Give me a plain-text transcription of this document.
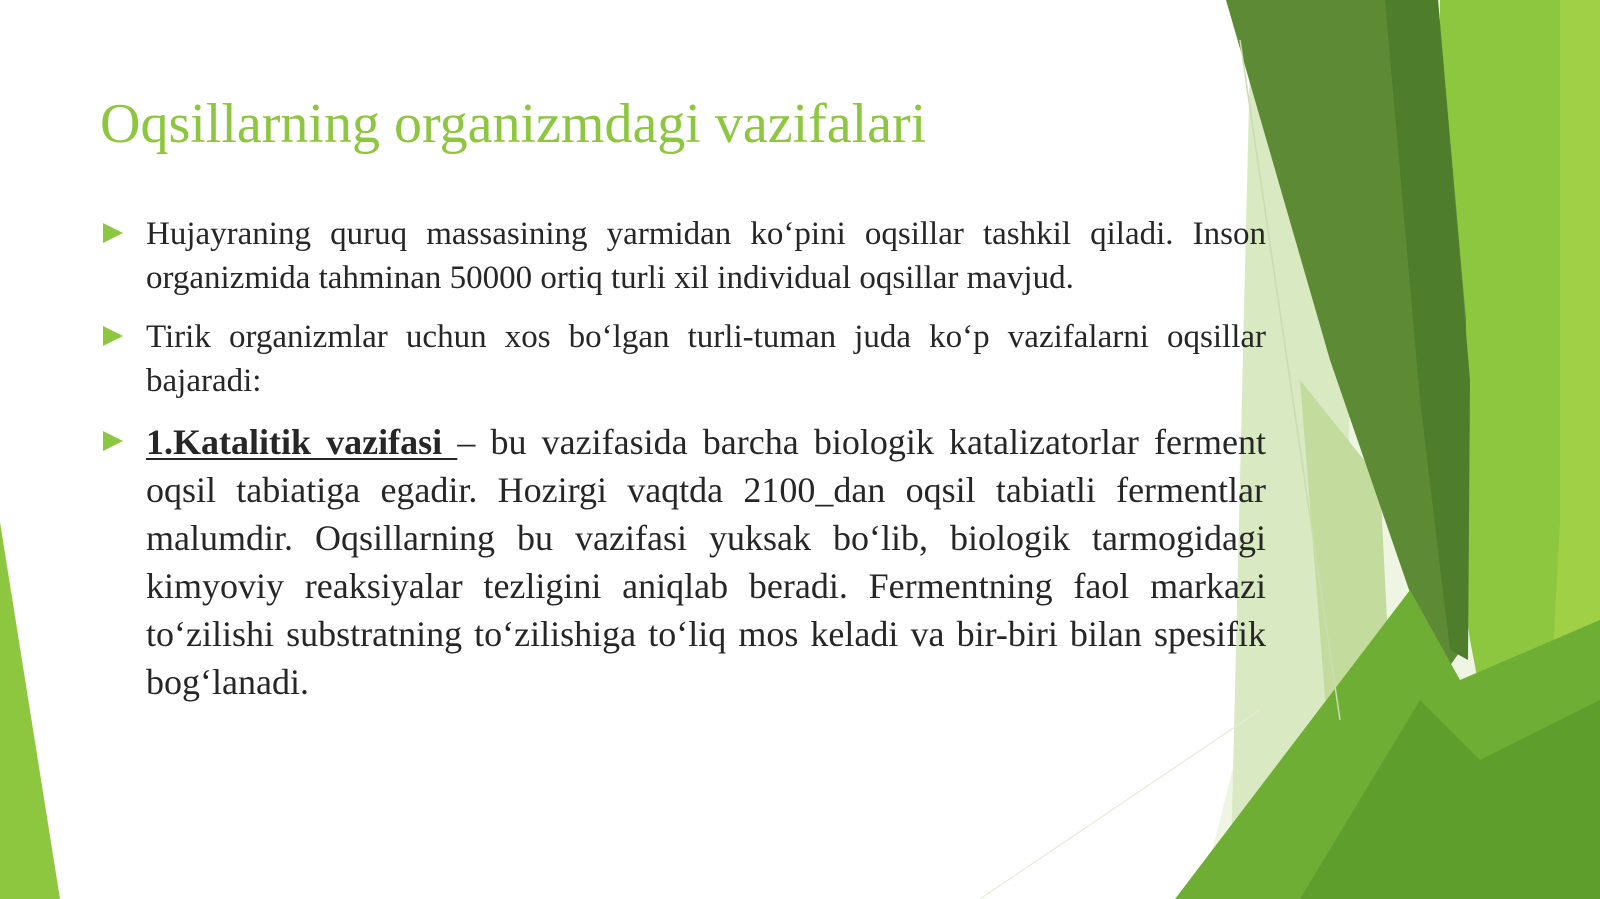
Oqsillarning organizmdagi vazifalari

Hujayraning quruq massasining yarmidan ko‘pini oqsillar tashkil qiladi. Inson organizmida tahminan 50000 ortiq turli xil individual oqsillar mavjud.

Tirik organizmlar uchun xos bo‘lgan turli-tuman juda ko‘p vazifalarni oqsillar bajaradi:

1.Katalitik vazifasi – bu vazifasida barcha biologik katalizatorlar ferment oqsil tabiatiga egadir. Hozirgi vaqtda 2100_dan oqsil tabiatli fermentlar malumdir. Oqsillarning bu vazifasi yuksak bo‘lib, biologik tarmogidagi kimyoviy reaksiyalar tezligini aniqlab beradi. Fermentning faol markazi to‘zilishi substratning to‘zilishiga to‘liq mos keladi va bir-biri bilan spesifik bog‘lanadi.
